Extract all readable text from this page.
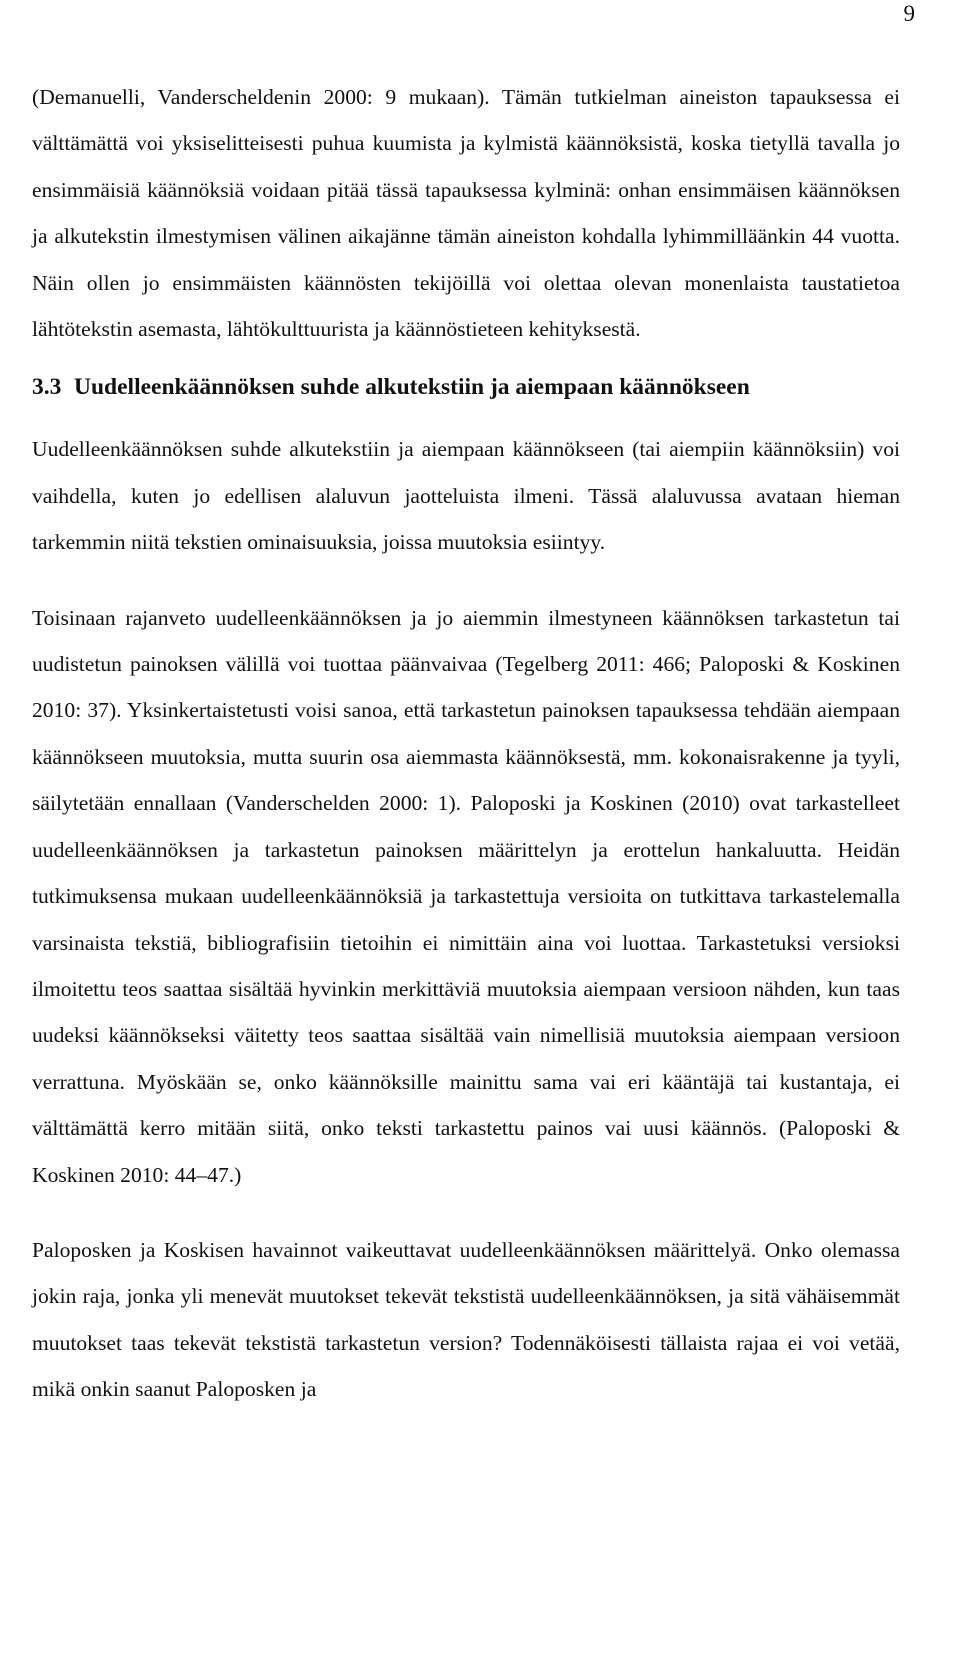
9

(Demanuelli, Vanderscheldenin 2000: 9 mukaan). Tämän tutkielman aineiston tapauksessa ei välttämättä voi yksiselitteisesti puhua kuumista ja kylmistä käännöksistä, koska tietyllä tavalla jo ensimmäisiä käännöksiä voidaan pitää tässä tapauksessa kylminä: onhan ensimmäisen käännöksen ja alkutekstin ilmestymisen välinen aikajänne tämän aineiston kohdalla lyhimmilläänkin 44 vuotta. Näin ollen jo ensimmäisten käännösten tekijöillä voi olettaa olevan monenlaista taustatietoa lähtötekstin asemasta, lähtökulttuurista ja käännöstieteen kehityksestä.

3.3 Uudelleenkäännöksen suhde alkutekstiin ja aiempaan käännökseen

Uudelleenkäännöksen suhde alkutekstiin ja aiempaan käännökseen (tai aiempiin käännöksiin) voi vaihdella, kuten jo edellisen alaluvun jaotteluista ilmeni. Tässä alaluvussa avataan hieman tarkemmin niitä tekstien ominaisuuksia, joissa muutoksia esiintyy.

Toisinaan rajanveto uudelleenkäännöksen ja jo aiemmin ilmestyneen käännöksen tarkastetun tai uudistetun painoksen välillä voi tuottaa päänvaivaa (Tegelberg 2011: 466; Paloposki & Koskinen 2010: 37). Yksinkertaistetusti voisi sanoa, että tarkastetun painoksen tapauksessa tehdään aiempaan käännökseen muutoksia, mutta suurin osa aiemmasta käännöksestä, mm. kokonaisrakenne ja tyyli, säilytetään ennallaan (Vanderschelden 2000: 1). Paloposki ja Koskinen (2010) ovat tarkastelleet uudelleenkäännöksen ja tarkastetun painoksen määrittelyn ja erottelun hankaluutta. Heidän tutkimuksensa mukaan uudelleenkäännöksiä ja tarkastettuja versioita on tutkittava tarkastelemalla varsinaista tekstiä, bibliografisiin tietoihin ei nimittäin aina voi luottaa. Tarkastetuksi versioksi ilmoitettu teos saattaa sisältää hyvinkin merkittäviä muutoksia aiempaan versioon nähden, kun taas uudeksi käännökseksi väitetty teos saattaa sisältää vain nimellisiä muutoksia aiempaan versioon verrattuna. Myöskään se, onko käännöksille mainittu sama vai eri kääntäjä tai kustantaja, ei välttämättä kerro mitään siitä, onko teksti tarkastettu painos vai uusi käännös. (Paloposki & Koskinen 2010: 44–47.)

Paloposken ja Koskisen havainnot vaikeuttavat uudelleenkäännöksen määrittelyä. Onko olemassa jokin raja, jonka yli menevät muutokset tekevät tekstistä uudelleenkäännöksen, ja sitä vähäisemmät muutokset taas tekevät tekstistä tarkastetun version? Todennäköisesti tällaista rajaa ei voi vetää, mikä onkin saanut Paloposken ja
